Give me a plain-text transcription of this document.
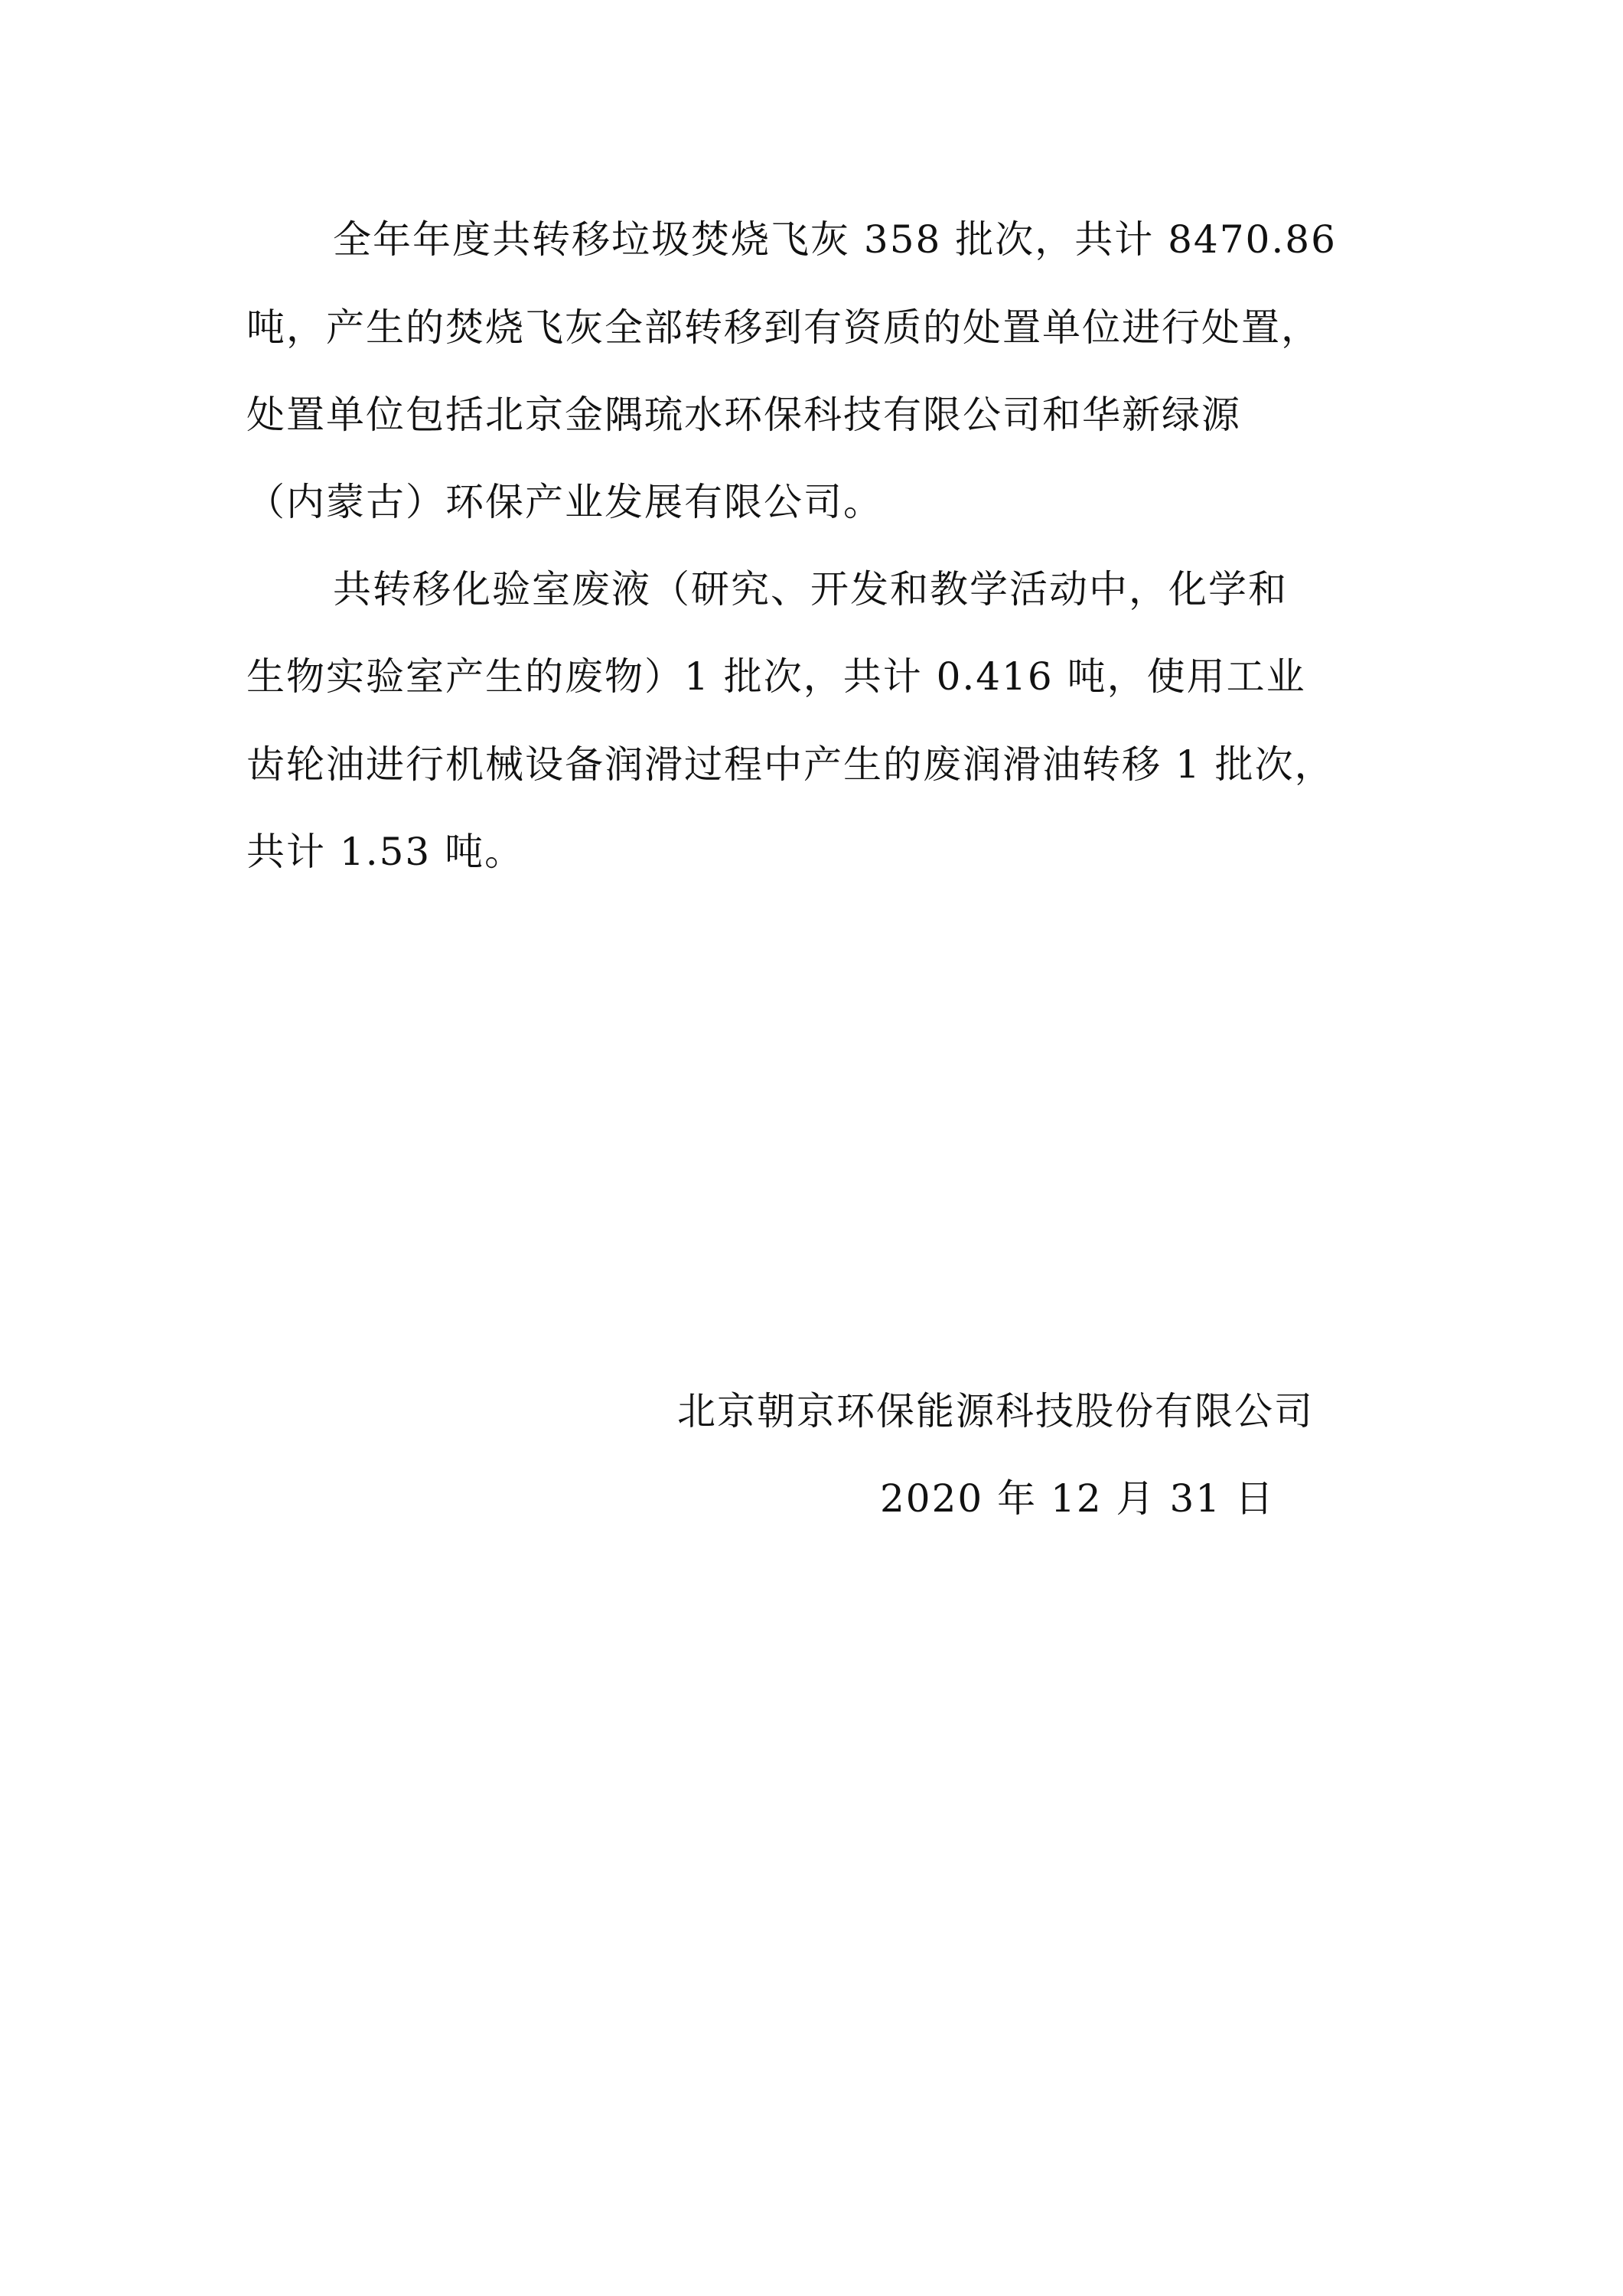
全年年度共转移垃圾焚烧飞灰 358 批次，共计 8470.86
吨，产生的焚烧飞灰全部转移到有资质的处置单位进行处置，
处置单位包括北京金隅琉水环保科技有限公司和华新绿源
（内蒙古）环保产业发展有限公司。
共转移化验室废液（研究、开发和教学活动中，化学和
生物实验室产生的废物）1 批次，共计 0.416 吨，使用工业
齿轮油进行机械设备润滑过程中产生的废润滑油转移 1 批次，
共计 1.53 吨。
北京朝京环保能源科技股份有限公司
2020 年 12 月 31 日
